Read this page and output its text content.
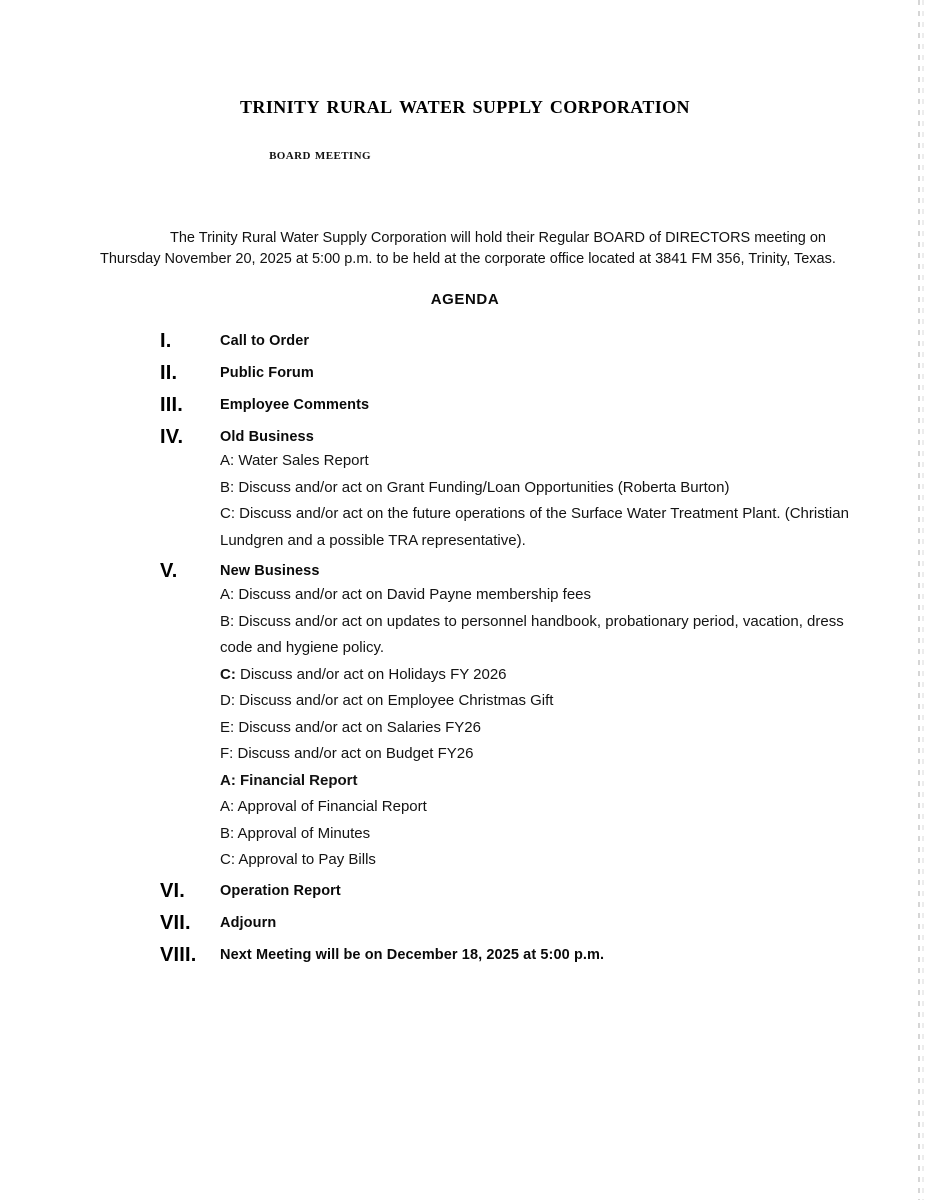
trinity rural water supply corporation
board meeting
The Trinity Rural Water Supply Corporation will hold their Regular BOARD of DIRECTORS meeting on Thursday November 20, 2025 at 5:00 p.m. to be held at the corporate office located at 3841 FM 356, Trinity, Texas.
AGENDA
I.	Call to Order
II.	Public Forum
III.	Employee Comments
IV.	Old Business
A: Water Sales Report
B: Discuss and/or act on Grant Funding/Loan Opportunities (Roberta Burton)
C: Discuss and/or act on the future operations of the Surface Water Treatment Plant. (Christian Lundgren and a possible TRA representative).
V.	New Business
A: Discuss and/or act on David Payne membership fees
B: Discuss and/or act on updates to personnel handbook, probationary period, vacation, dress code and hygiene policy.
C: Discuss and/or act on Holidays FY 2026
D: Discuss and/or act on Employee Christmas Gift
E: Discuss and/or act on Salaries FY26
F: Discuss and/or act on Budget FY26
A: Financial Report
A: Approval of Financial Report
B: Approval of Minutes
C: Approval to Pay Bills
VI.	Operation Report
VII.	Adjourn
VIII.	Next Meeting will be on December 18, 2025 at 5:00 p.m.
